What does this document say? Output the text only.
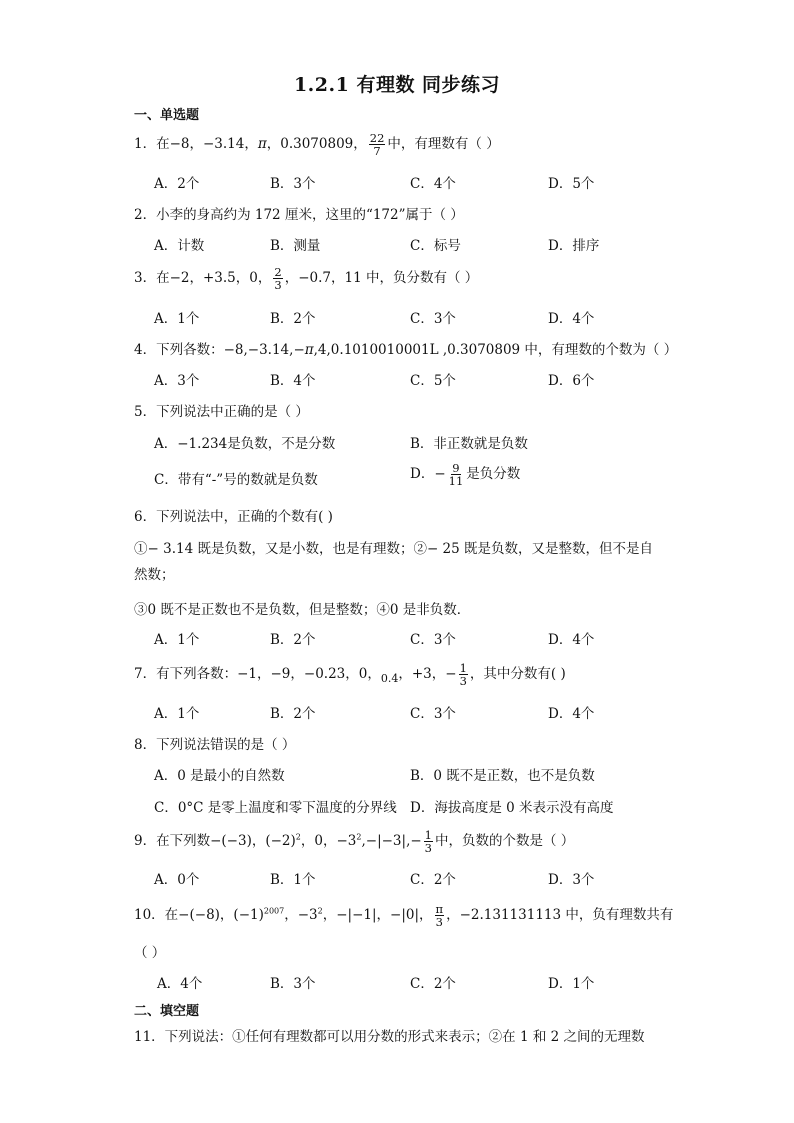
1.2.1 有理数 同步练习
一、单选题
1．在−8，−3.14，π，0.3070809， $\frac{22}{7}$ 中，有理数有（ ）
A．2个	B．3个	C．4个	D．5个
2．小李的身高约为 172 厘米，这里的“172”属于（ ）
A．计数	B．测量	C．标号	D．排序
3．在−2，+3.5，0， $\frac{2}{3}$ ，−0.7，11 中，负分数有（ ）
A．1个	B．2个	C．3个	D．4个
4．下列各数：−8,−3.14,−π,4,0.1010010001L ,0.3070809 中，有理数的个数为（ ）
A．3个	B．4个	C．5个	D．6个
5．下列说法中正确的是（ ）
A．−1.234是负数，不是分数	B．非正数就是负数
C．带有“-”号的数就是负数	D．− $\frac{9}{11}$ 是负分数
6．下列说法中，正确的个数有( )
①− 3.14 既是负数，又是小数，也是有理数；②− 25 既是负数，又是整数，但不是自然数；
③0 既不是正数也不是负数，但是整数；④0 是非负数．
A．1个	B．2个	C．3个	D．4个
7．有下列各数：−1，−9，−0.23，0，$_{0.4}$，+3，− $\frac{1}{3}$ ，其中分数有( )
A．1个	B．2个	C．3个	D．4个
8．下列说法错误的是（ ）
A．0 是最小的自然数	B．0 既不是正数，也不是负数
C．0°C 是零上温度和零下温度的分界线 D．海拔高度是 0 米表示没有高度
9．在下列数−(−3)，$(-2)^2$，0，$-3^2,-|-3|,- \frac{1}{3}$ 中，负数的个数是（ ）
A．0个	B．1个	C．2个	D．3个
10．在−(−8)，$(-1)^{2007}$，$-3^2$，−|−1|，−|0|， $\frac{\pi}{3}$ ，−2.131131113 中，负有理数共有
（ ）
A．4个	B．3个	C．2个	D．1个
二、填空题
11．下列说法：①任何有理数都可以用分数的形式来表示；②在 1 和 2 之间的无理数
